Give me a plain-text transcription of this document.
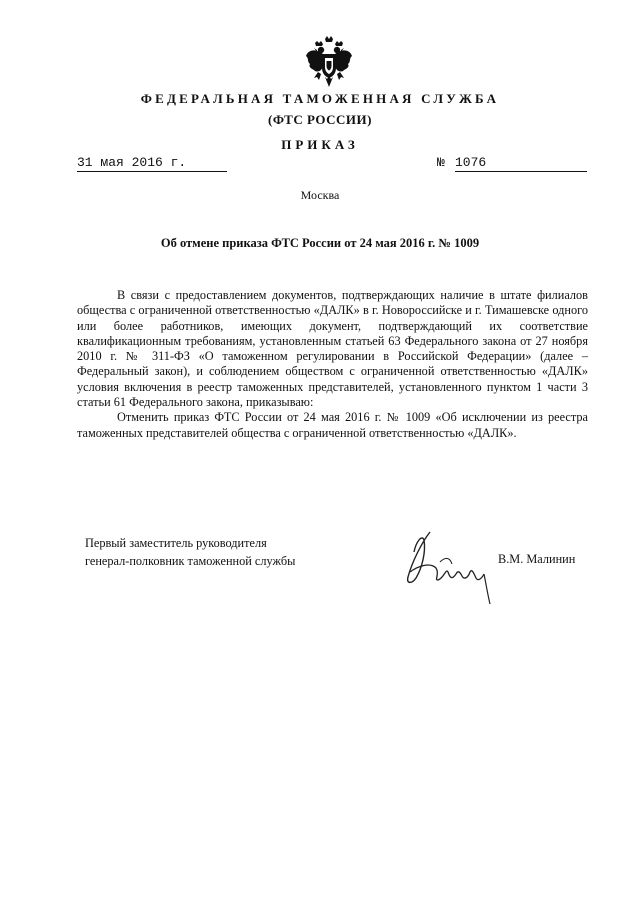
ФЕДЕРАЛЬНАЯ ТАМОЖЕННАЯ СЛУЖБА
(ФТС РОССИИ)
ПРИКАЗ
31 мая 2016 г.	№ 1076
Москва
Об отмене приказа ФТС России от 24 мая 2016 г. № 1009

В связи с предоставлением документов, подтверждающих наличие в штате филиалов общества с ограниченной ответственностью «ДАЛК» в г. Новороссийске и г. Тимашевске одного или более работников, имеющих документ, подтверждающий их соответствие квалификационным требованиям, установленным статьей 63 Федерального закона от 27 ноября 2010 г. № 311-ФЗ «О таможенном регулировании в Российской Федерации» (далее – Федеральный закон), и соблюдением обществом с ограниченной ответственностью «ДАЛК» условия включения в реестр таможенных представителей, установленного пунктом 1 части 3 статьи 61 Федерального закона, приказываю:

Отменить приказ ФТС России от 24 мая 2016 г. № 1009 «Об исключении из реестра таможенных представителей общества с ограниченной ответственностью «ДАЛК».

Первый заместитель руководителя
генерал-полковник таможенной службы	В.М. Малинин
